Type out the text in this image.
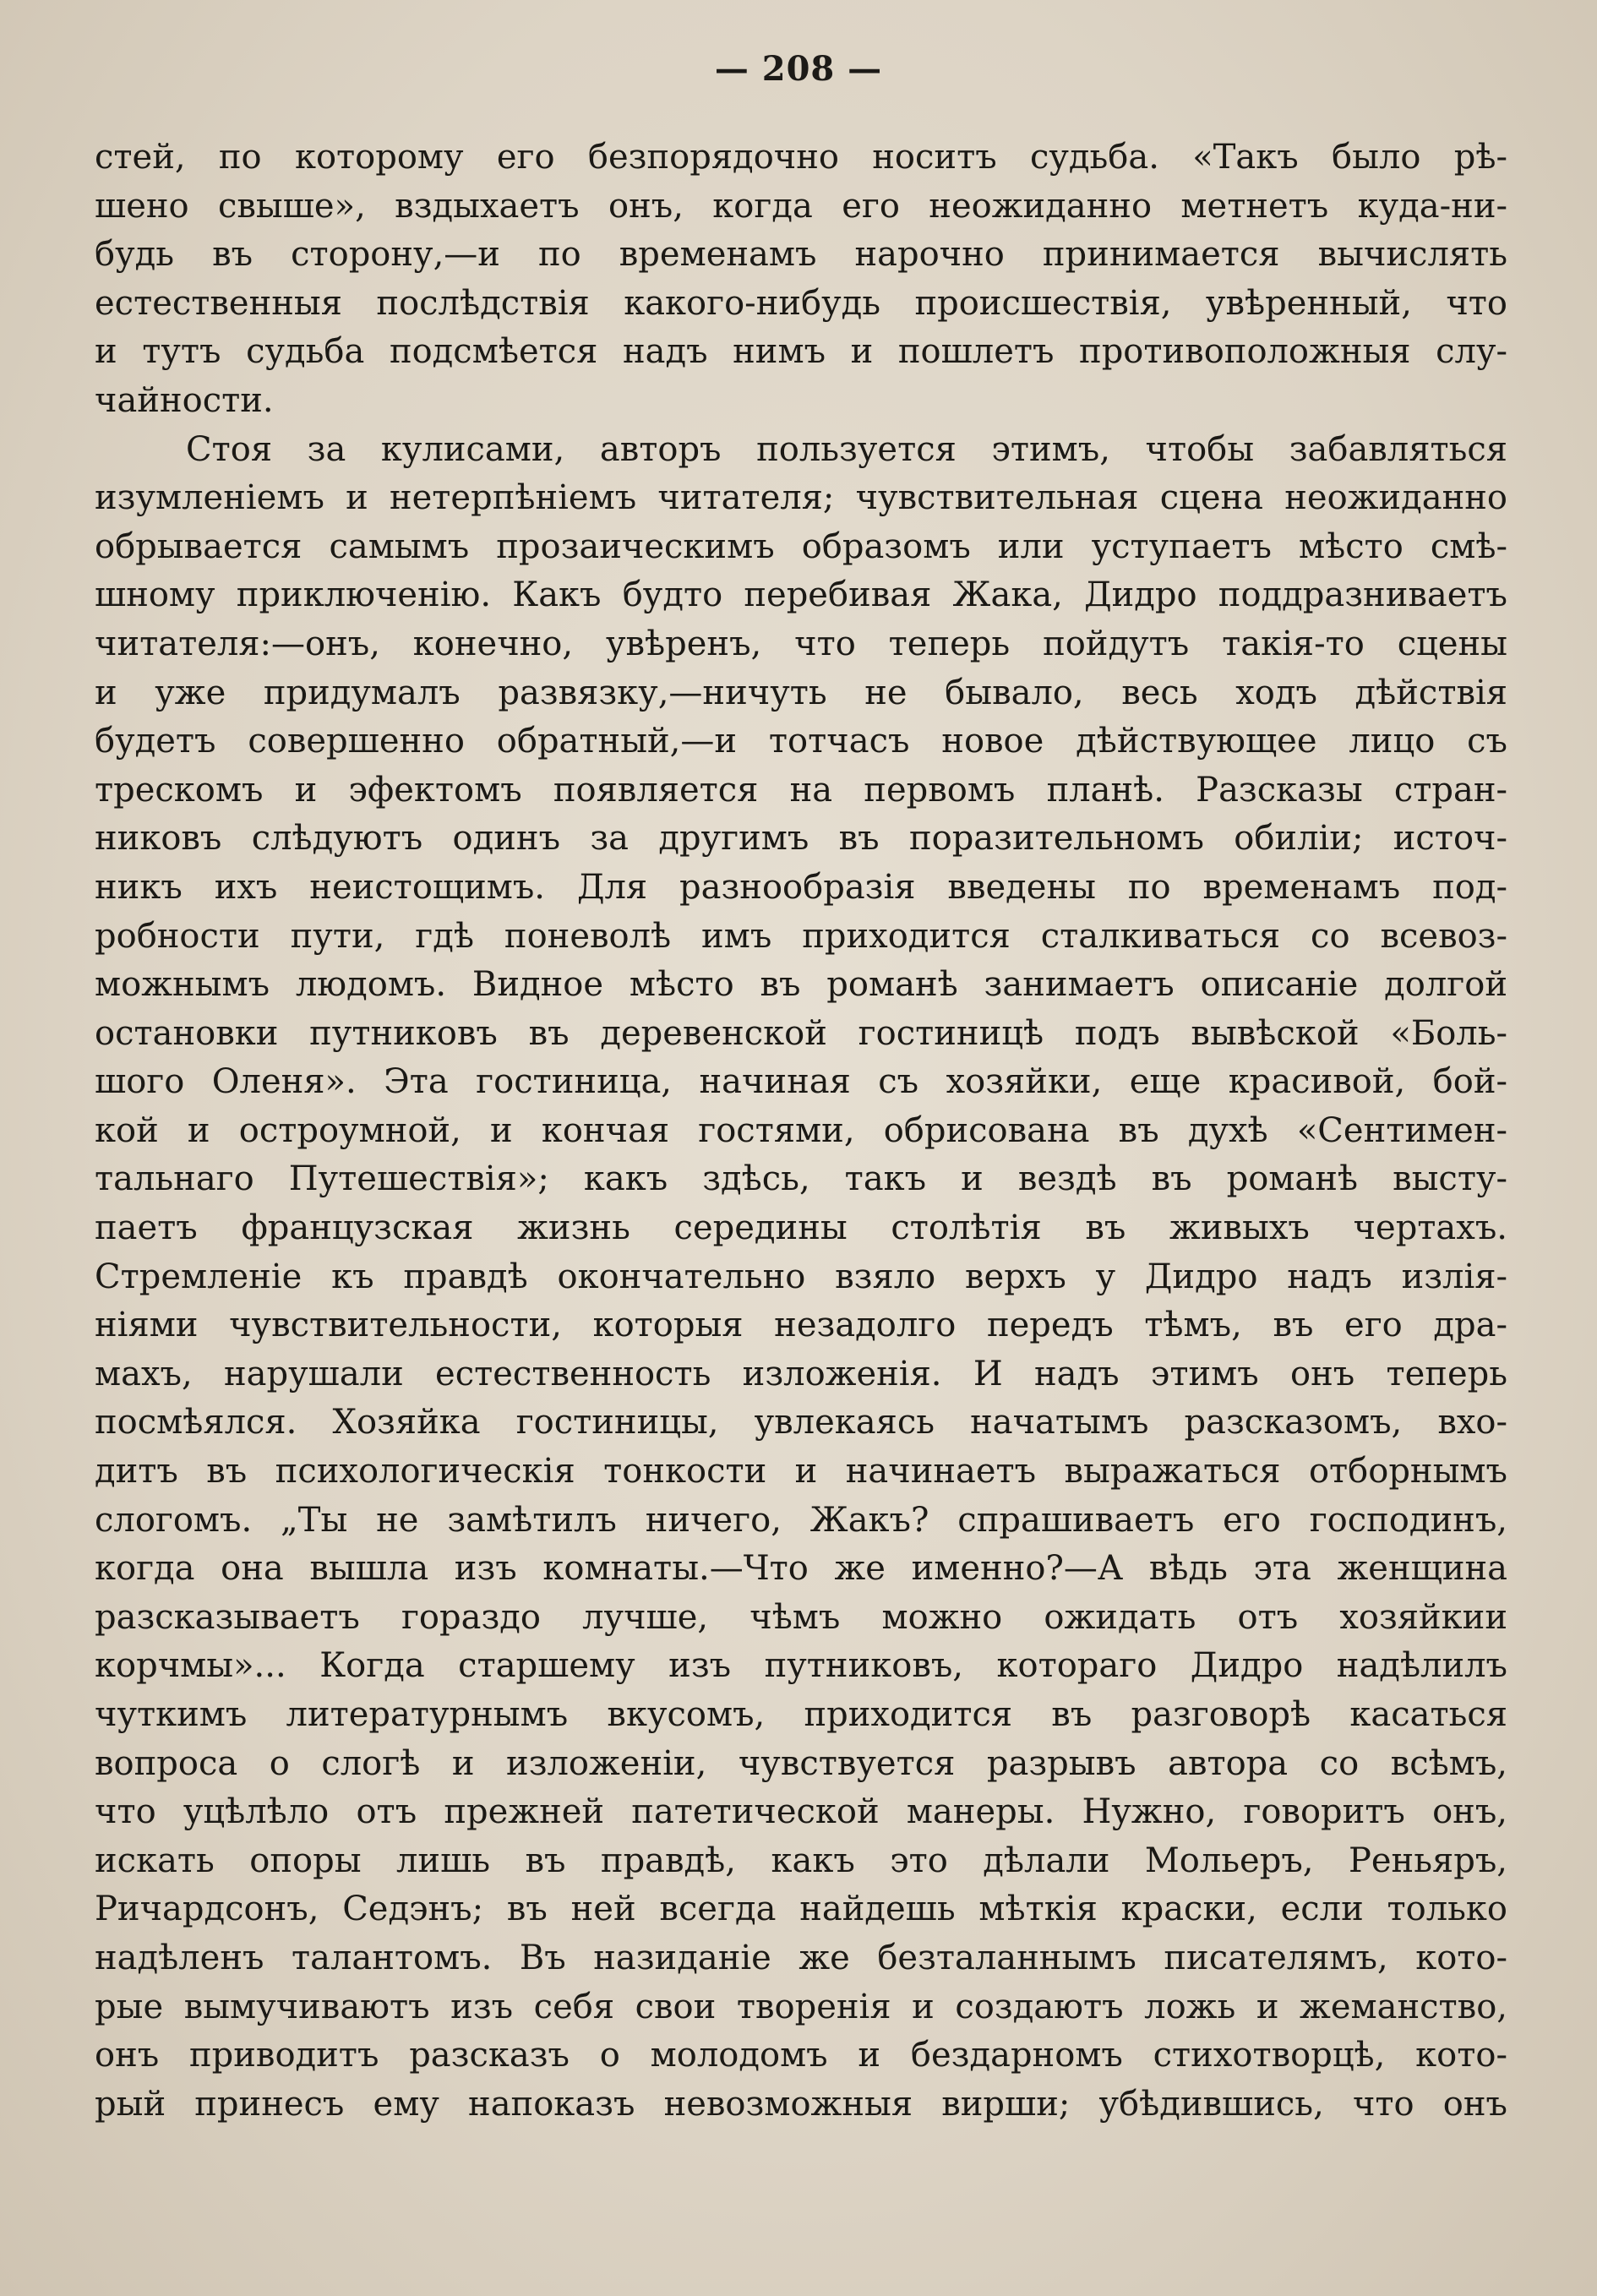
— 208 —
стей, по которому его безпорядочно носитъ судьба. «Такъ было рѣ-
шено свыше», вздыхаетъ онъ, когда его неожиданно метнетъ куда-ни-
будь въ сторону,—и по временамъ нарочно принимается вычислять
естественныя послѣдствія какого-нибудь происшествія, увѣренный, что
и тутъ судьба подсмѣется надъ нимъ и пошлетъ противоположныя слу-
чайности.
Стоя за кулисами, авторъ пользуется этимъ, чтобы забавляться
изумленіемъ и нетерпѣніемъ читателя; чувствительная сцена неожиданно
обрывается самымъ прозаическимъ образомъ или уступаетъ мѣсто смѣ-
шному приключенію. Какъ будто перебивая Жака, Дидро поддразниваетъ
читателя:—онъ, конечно, увѣренъ, что теперь пойдутъ такія-то сцены
и уже придумалъ развязку,—ничуть не бывало, весь ходъ дѣйствія
будетъ совершенно обратный,—и тотчасъ новое дѣйствующее лицо съ
трескомъ и эфектомъ появляется на первомъ планѣ. Разсказы стран-
никовъ слѣдуютъ одинъ за другимъ въ поразительномъ обиліи; источ-
никъ ихъ неистощимъ. Для разнообразія введены по временамъ под-
робности пути, гдѣ поневолѣ имъ приходится сталкиваться со всевоз-
можнымъ людомъ. Видное мѣсто въ романѣ занимаетъ описаніе долгой
остановки путниковъ въ деревенской гостиницѣ подъ вывѣской «Боль-
шого Оленя». Эта гостиница, начиная съ хозяйки, еще красивой, бой-
кой и остроумной, и кончая гостями, обрисована въ духѣ «Сентимен-
тальнаго Путешествія»; какъ здѣсь, такъ и вездѣ въ романѣ высту-
паетъ французская жизнь середины столѣтія въ живыхъ чертахъ.
Стремленіе къ правдѣ окончательно взяло верхъ у Дидро надъ излія-
ніями чувствительности, которыя незадолго передъ тѣмъ, въ его дра-
махъ, нарушали естественность изложенія. И надъ этимъ онъ теперь
посмѣялся. Хозяйка гостиницы, увлекаясь начатымъ разсказомъ, вхо-
дитъ въ психологическія тонкости и начинаетъ выражаться отборнымъ
слогомъ. „Ты не замѣтилъ ничего, Жакъ? спрашиваетъ его господинъ,
когда она вышла изъ комнаты.—Что же именно?—А вѣдь эта женщина
разсказываетъ гораздо лучше, чѣмъ можно ожидать отъ хозяйкии
корчмы»... Когда старшему изъ путниковъ, котораго Дидро надѣлилъ
чуткимъ литературнымъ вкусомъ, приходится въ разговорѣ касаться
вопроса о слогѣ и изложеніи, чувствуется разрывъ автора со всѣмъ,
что уцѣлѣло отъ прежней патетической манеры. Нужно, говоритъ онъ,
искать опоры лишь въ правдѣ, какъ это дѣлали Мольеръ, Реньяръ,
Ричардсонъ, Седэнъ; въ ней всегда найдешь мѣткія краски, если только
надѣленъ талантомъ. Въ назиданіе же безталаннымъ писателямъ, кото-
рые вымучиваютъ изъ себя свои творенія и создаютъ ложь и жеманство,
онъ приводитъ разсказъ о молодомъ и бездарномъ стихотворцѣ, кото-
рый принесъ ему напоказъ невозможныя вирши; убѣдившись, что онъ
